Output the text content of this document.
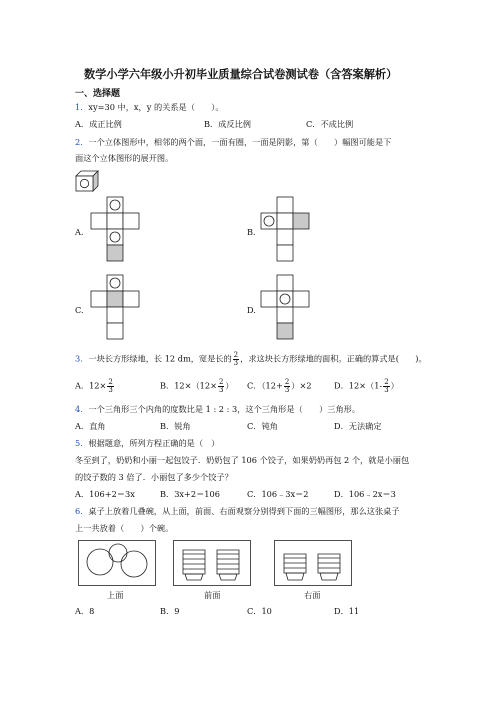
数学小学六年级小升初毕业质量综合试卷测试卷（含答案解析）
一、选择题
1．xy=30 中，x，y 的关系是（　　）。
A．成正比例	B．成反比例	C．不成比例
2．一个立体图形中，相邻的两个面，一面有圈，一面是阴影，第（　　）幅图可能是下
面这个立体图形的展开图。
A.	B.
C.	D.
3．一块长方形绿地，长 12 dm，宽是长的 $\frac{2}{3}$ ，求这块长方形绿地的面积。正确的算式是(　　)。
A．$12\times \frac{2}{3}$	B．$12\times(12\times \frac{2}{3}$ ） C．$(12+ \frac{2}{3} )\times 2$	D．$12\times(1- \frac{2}{3}$ ）
4．一个三角形三个内角的度数比是 1 : 2 : 3，这个三角形是（　　）三角形。
A．直角	B．锐角	C．钝角	D．无法确定
5．根据题意，所列方程正确的是（　）
冬至到了，奶奶和小丽一起包饺子．奶奶包了 106 个饺子，如果奶奶再包 2 个，就是小丽包
的饺子数的 3 倍了．小丽包了多少个饺子？
A．106+2＝3x	B．3x+2＝106	C．106﹣3x＝2	D．106﹣2x＝3
6．桌子上放着几叠碗，从上面，前面、右面观察分别得到下面的三幅图形，那么这张桌子
上一共放着（　　）个碗。
上面	前面	右面
A．8	B．9	C．10	D．11
